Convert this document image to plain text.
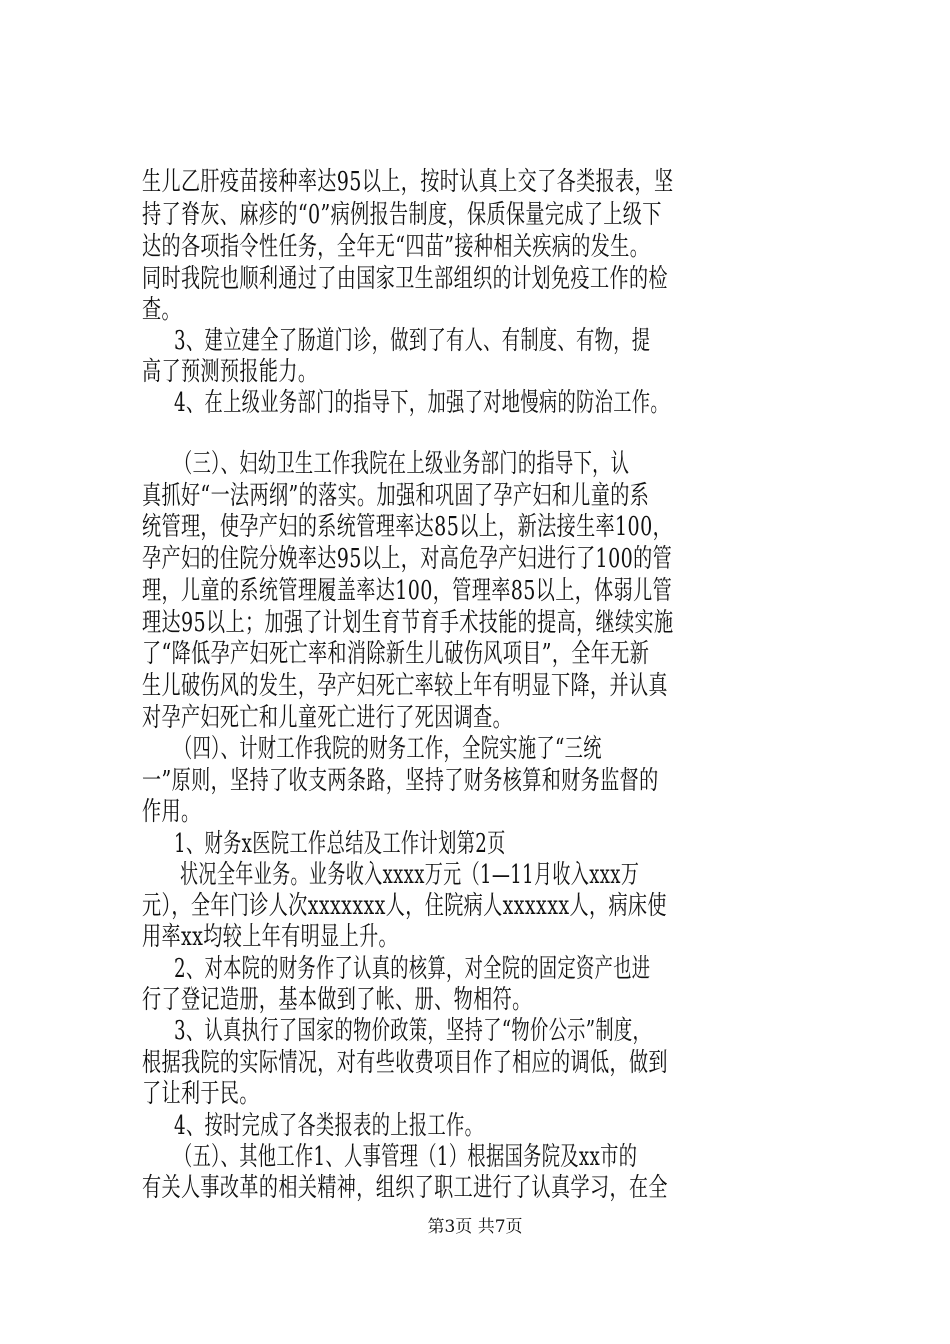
生儿乙肝疫苗接种率达95以上，按时认真上交了各类报表，坚
持了脊灰、麻疹的“0”病例报告制度，保质保量完成了上级下
达的各项指令性任务，全年无“四苗”接种相关疾病的发生。
同时我院也顺利通过了由国家卫生部组织的计划免疫工作的检
查。
3、建立建全了肠道门诊，做到了有人、有制度、有物，提
高了预测预报能力。
4、在上级业务部门的指导下，加强了对地慢病的防治工作。
（三）、妇幼卫生工作我院在上级业务部门的指导下，认
真抓好“一法两纲”的落实。加强和巩固了孕产妇和儿童的系
统管理，使孕产妇的系统管理率达85以上，新法接生率100，
孕产妇的住院分娩率达95以上，对高危孕产妇进行了100的管
理，儿童的系统管理履盖率达100，管理率85以上，体弱儿管
理达95以上；加强了计划生育节育手术技能的提高，继续实施
了“降低孕产妇死亡率和消除新生儿破伤风项目”，全年无新
生儿破伤风的发生，孕产妇死亡率较上年有明显下降，并认真
对孕产妇死亡和儿童死亡进行了死因调查。
（四）、计财工作我院的财务工作，全院实施了“三统
一”原则，坚持了收支两条路，坚持了财务核算和财务监督的
作用。
1、财务x医院工作总结及工作计划第2页
状况全年业务。业务收入xxxx万元（1—11月收入xxx万
元），全年门诊人次xxxxxxx人，住院病人xxxxxx人，病床使
用率xx均较上年有明显上升。
2、对本院的财务作了认真的核算，对全院的固定资产也进
行了登记造册，基本做到了帐、册、物相符。
3、认真执行了国家的物价政策，坚持了“物价公示”制度，
根据我院的实际情况，对有些收费项目作了相应的调低，做到
了让利于民。
4、按时完成了各类报表的上报工作。
（五）、其他工作1、人事管理（1）根据国务院及xx市的
有关人事改革的相关精神，组织了职工进行了认真学习，在全
第3页 共7页
